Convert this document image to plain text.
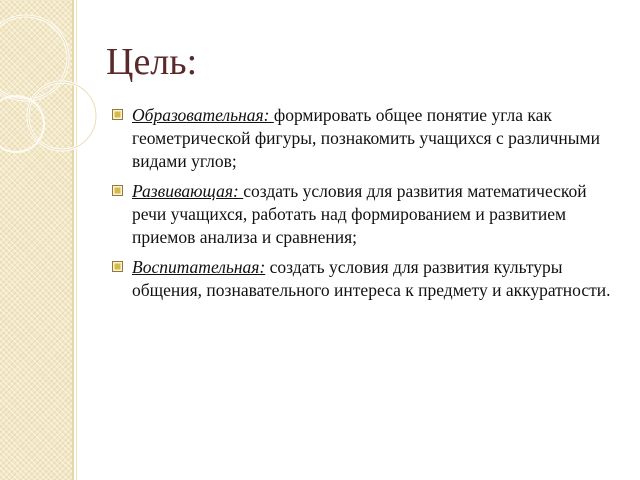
Цель:
Образовательная: формировать общее понятие угла как геометрической фигуры, познакомить учащихся с различными видами углов;
Развивающая: создать условия для развития математической речи учащихся, работать над формированием и развитием приемов анализа и сравнения;
Воспитательная: создать условия для развития культуры общения, познавательного интереса к предмету и аккуратности.
